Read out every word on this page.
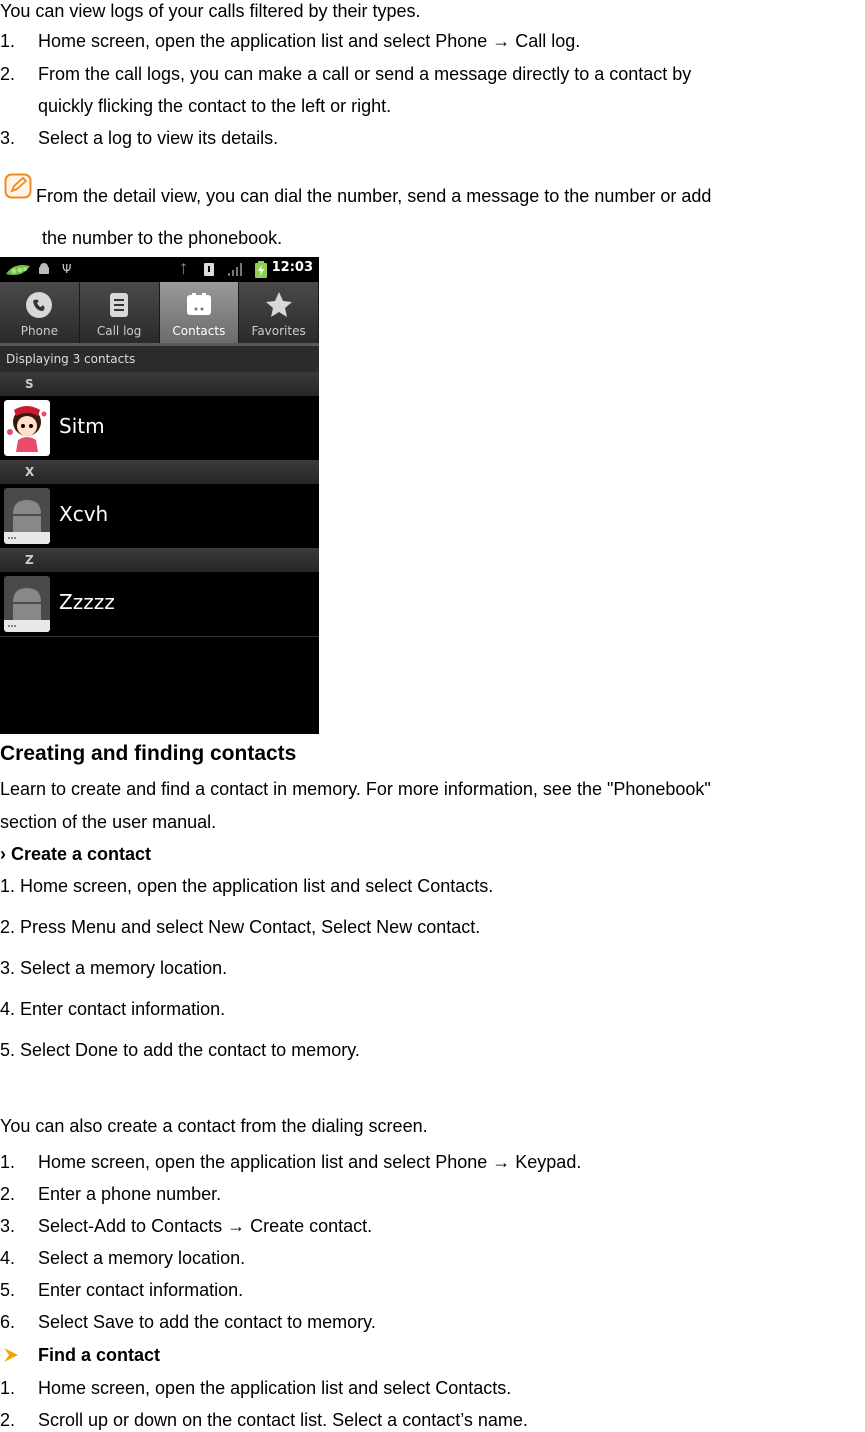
You can view logs of your calls filtered by their types.
1.	Home screen, open the application list and select Phone → Call log.
2.	From the call logs, you can make a call or send a message directly to a contact by
quickly flicking the contact to the left or right.
3.	Select a log to view its details.
From the detail view, you can dial the number, send a message to the number or add
the number to the phonebook.
Ψ	ᛏ	12:03
Phone	Call log	Contacts	Favorites
Displaying 3 contacts
S
Sitm
X
Xcvh
Z
Zzzzz
Creating and finding contacts
Learn to create and find a contact in memory. For more information, see the "Phonebook"
section of the user manual.
› Create a contact
1. Home screen, open the application list and select Contacts.
2. Press Menu and select New Contact, Select New contact.
3. Select a memory location.
4. Enter contact information.
5. Select Done to add the contact to memory.
You can also create a contact from the dialing screen.
1.	Home screen, open the application list and select Phone → Keypad.
2.	Enter a phone number.
3.	Select-Add to Contacts → Create contact.
4.	Select a memory location.
5.	Enter contact information.
6.	Select Save to add the contact to memory.
Find a contact
1.	Home screen, open the application list and select Contacts.
2.	Scroll up or down on the contact list. Select a contact’s name.
